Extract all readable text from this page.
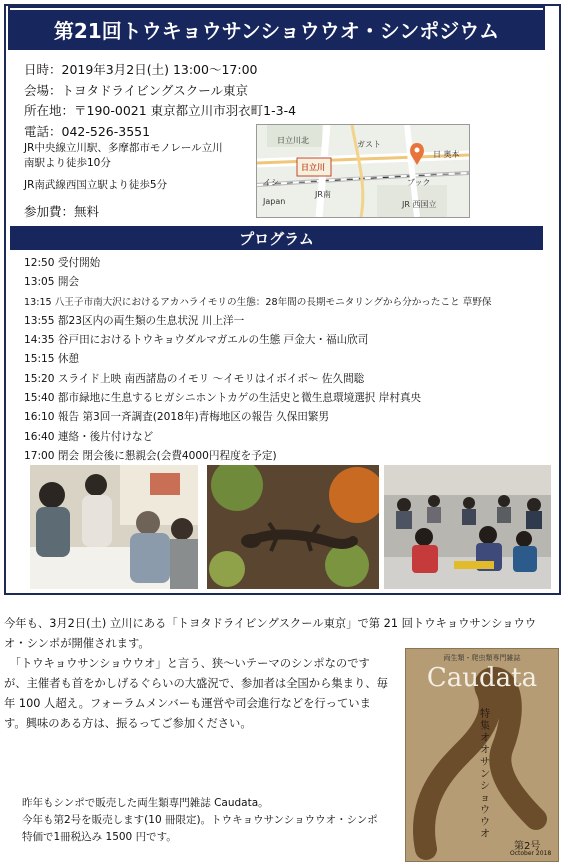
第21回トウキョウサンショウウオ・シンポジウム
日時：2019年3月2日(土) 13:00～17:00
会場：トヨタドライビングスクール東京
所在地：〒190-0021 東京都立川市羽衣町1-3-4
電話：042-526-3551
JR中央線立川駅、多摩都市モノレール立川南駅より徒歩10分
JR南武線西国立駅より徒歩5分
参加費：無料
日立川北	ガスト
日立川
イシ	ブック
JR南
Japan	JR 西国立
日 奥本
プログラム
12:50 受付開始
13:05 開会
13:15 八王子市南大沢におけるアカハライモリの生態：28年間の長期モニタリングから分かったこと 草野保
13:55 都23区内の両生類の生息状況 川上洋一
14:35 谷戸田におけるトウキョウダルマガエルの生態 戸金大・福山欣司
15:15 休憩
15:20 スライド上映 南西諸島のイモリ ～イモリはイボイボ～ 佐久間聡
15:40 都市緑地に生息するヒガシニホントカゲの生活史と微生息環境選択 岸村真央
16:10 報告 第3回一斉調査(2018年)青梅地区の報告 久保田繁男
16:40 連絡・後片付けなど
17:00 閉会 閉会後に懇親会(会費4000円程度を予定)

今年も、3月2日(土) 立川にある「トヨタドライビングスクール東京」で第 21 回トウキョウサンショウウオ・シンポが開催されます。

「トウキョウサンショウウオ」と言う、狭～いテーマのシンポなのですが、主催者も首をかしげるぐらいの大盛況で、参加者は全国から集まり、毎年 100 人超え。フォーラムメンバーも運営や司会進行などを行っています。興味のある方は、振るってご参加ください。

昨年もシンポで販売した両生類専門雑誌 Caudata。

今年も第2号を販売します(10 冊限定)。トウキョウサンショウウオ・シンポ特価で1冊税込み 1500 円です。

両生類・爬虫類専門雑誌
Caudata
特集 オオサンショウウオ
第2号
October 2018
